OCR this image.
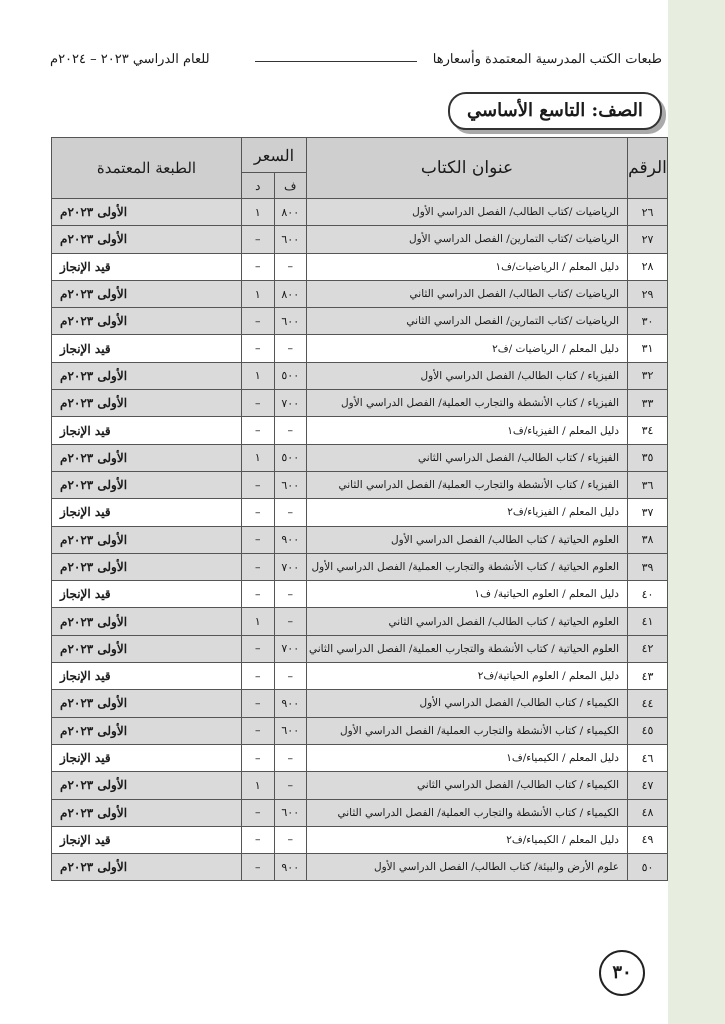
طبعات الكتب المدرسية المعتمدة وأسعارها
للعام الدراسي ٢٠٢٣ – ٢٠٢٤م
الصف: التاسع الأساسي
الرقم	عنوان الكتاب	السعر		الطبعة المعتمدة
		ف	د	
٢٦	الرياضيات /كتاب الطالب/ الفصل الدراسي الأول	٨٠٠	١	الأولى ٢٠٢٣م
٢٧	الرياضيات /كتاب التمارين/ الفصل الدراسي الأول	٦٠٠	–	الأولى ٢٠٢٣م
٢٨	دليل المعلم / الرياضيات/ف١	–	–	قيد الإنجاز
٢٩	الرياضيات /كتاب الطالب/ الفصل الدراسي الثاني	٨٠٠	١	الأولى ٢٠٢٣م
٣٠	الرياضيات /كتاب التمارين/ الفصل الدراسي الثاني	٦٠٠	–	الأولى ٢٠٢٣م
٣١	دليل المعلم / الرياضيات /ف٢	–	–	قيد الإنجاز
٣٢	الفيزياء / كتاب الطالب/ الفصل الدراسي الأول	٥٠٠	١	الأولى ٢٠٢٣م
٣٣	الفيزياء / كتاب الأنشطة والتجارب العملية/ الفصل الدراسي الأول	٧٠٠	–	الأولى ٢٠٢٣م
٣٤	دليل المعلم / الفيزياء/ف١	–	–	قيد الإنجاز
٣٥	الفيزياء / كتاب الطالب/ الفصل الدراسي الثاني	٥٠٠	١	الأولى ٢٠٢٣م
٣٦	الفيزياء / كتاب الأنشطة والتجارب العملية/ الفصل الدراسي الثاني	٦٠٠	–	الأولى ٢٠٢٣م
٣٧	دليل المعلم / الفيزياء/ف٢	–	–	قيد الإنجاز
٣٨	العلوم الحياتية / كتاب الطالب/ الفصل الدراسي الأول	٩٠٠	–	الأولى ٢٠٢٣م
٣٩	العلوم الحياتية / كتاب الأنشطة والتجارب العملية/ الفصل الدراسي الأول	٧٠٠	–	الأولى ٢٠٢٣م
٤٠	دليل المعلم / العلوم الحياتية/ ف١	–	–	قيد الإنجاز
٤١	العلوم الحياتية / كتاب الطالب/ الفصل الدراسي الثاني	–	١	الأولى ٢٠٢٣م
٤٢	العلوم الحياتية / كتاب الأنشطة والتجارب العملية/ الفصل الدراسي الثاني	٧٠٠	–	الأولى ٢٠٢٣م
٤٣	دليل المعلم / العلوم الحياتية/ف٢	–	–	قيد الإنجاز
٤٤	الكيمياء / كتاب الطالب/ الفصل الدراسي الأول	٩٠٠	–	الأولى ٢٠٢٣م
٤٥	الكيمياء / كتاب الأنشطة والتجارب العملية/ الفصل الدراسي الأول	٦٠٠	–	الأولى ٢٠٢٣م
٤٦	دليل المعلم / الكيمياء/ف١	–	–	قيد الإنجاز
٤٧	الكيمياء / كتاب الطالب/ الفصل الدراسي الثاني	–	١	الأولى ٢٠٢٣م
٤٨	الكيمياء / كتاب الأنشطة والتجارب العملية/ الفصل الدراسي الثاني	٦٠٠	–	الأولى ٢٠٢٣م
٤٩	دليل المعلم / الكيمياء/ف٢	–	–	قيد الإنجاز
٥٠	علوم الأرض والبيئة/ كتاب الطالب/ الفصل الدراسي الأول	٩٠٠	–	الأولى ٢٠٢٣م
٣٠
